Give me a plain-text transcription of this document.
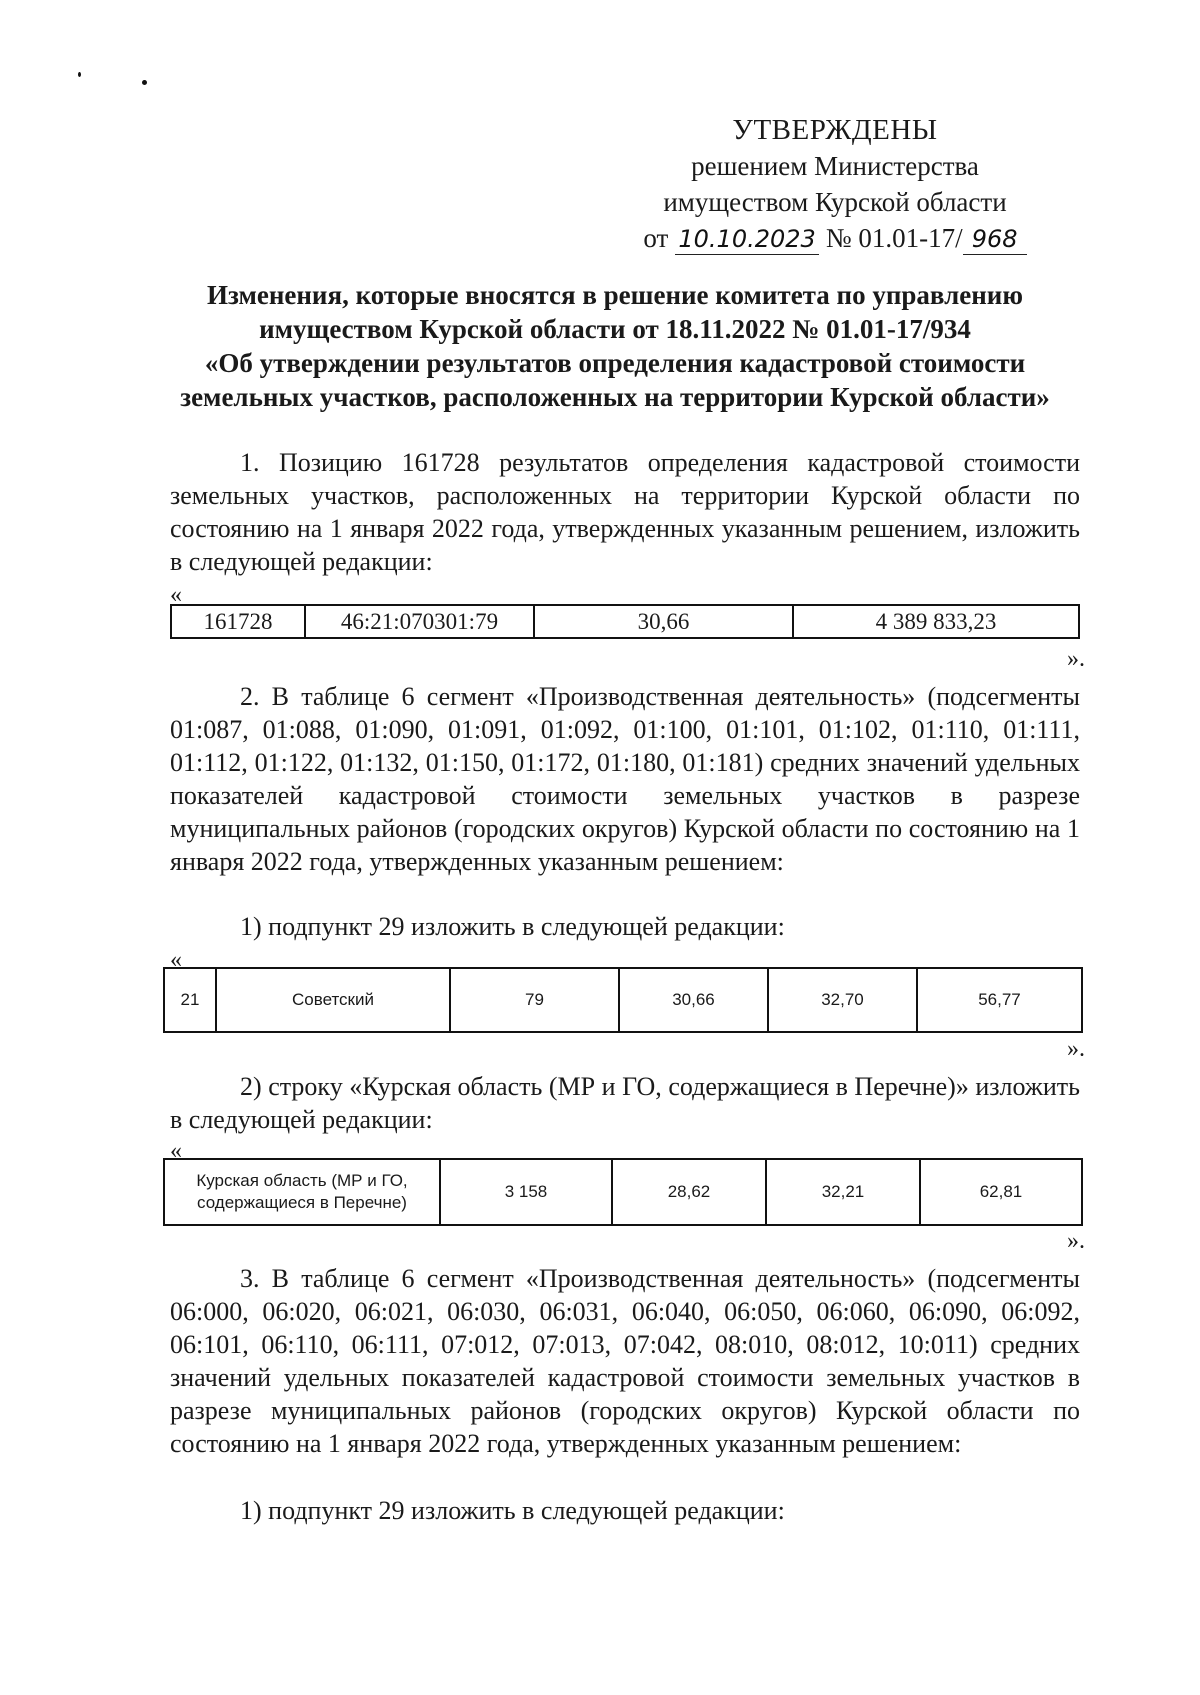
УТВЕРЖДЕНЫ
решением Министерства
имуществом Курской области
от 10.10.2023 № 01.01-17/ 968
Изменения, которые вносятся в решение комитета по управлению
имуществом Курской области от 18.11.2022 № 01.01-17/934
«Об утверждении результатов определения кадастровой стоимости
земельных участков, расположенных на территории Курской области»
1. Позицию 161728 результатов определения кадастровой стоимости земельных участков, расположенных на территории Курской области по состоянию на 1 января 2022 года, утвержденных указанным решением, изложить в следующей редакции:
«
161728	46:21:070301:79	30,66	4 389 833,23
».
2. В таблице 6 сегмент «Производственная деятельность» (подсегменты 01:087, 01:088, 01:090, 01:091, 01:092, 01:100, 01:101, 01:102, 01:110, 01:111, 01:112, 01:122, 01:132, 01:150, 01:172, 01:180, 01:181) средних значений удельных показателей кадастровой стоимости земельных участков в разрезе муниципальных районов (городских округов) Курской области по состоянию на 1 января 2022 года, утвержденных указанным решением:
1) подпункт 29 изложить в следующей редакции:
«
21	Советский	79	30,66	32,70	56,77
».
2) строку «Курская область (МР и ГО, содержащиеся в Перечне)» изложить в следующей редакции:
«
Курская область (МР и ГО,
содержащиеся в Перечне)
	3 158	28,62	32,21	62,81
».
3. В таблице 6 сегмент «Производственная деятельность» (подсегменты 06:000, 06:020, 06:021, 06:030, 06:031, 06:040, 06:050, 06:060, 06:090, 06:092, 06:101, 06:110, 06:111, 07:012, 07:013, 07:042, 08:010, 08:012, 10:011) средних значений удельных показателей кадастровой стоимости земельных участков в разрезе муниципальных районов (городских округов) Курской области по состоянию на 1 января 2022 года, утвержденных указанным решением:
1) подпункт 29 изложить в следующей редакции:
